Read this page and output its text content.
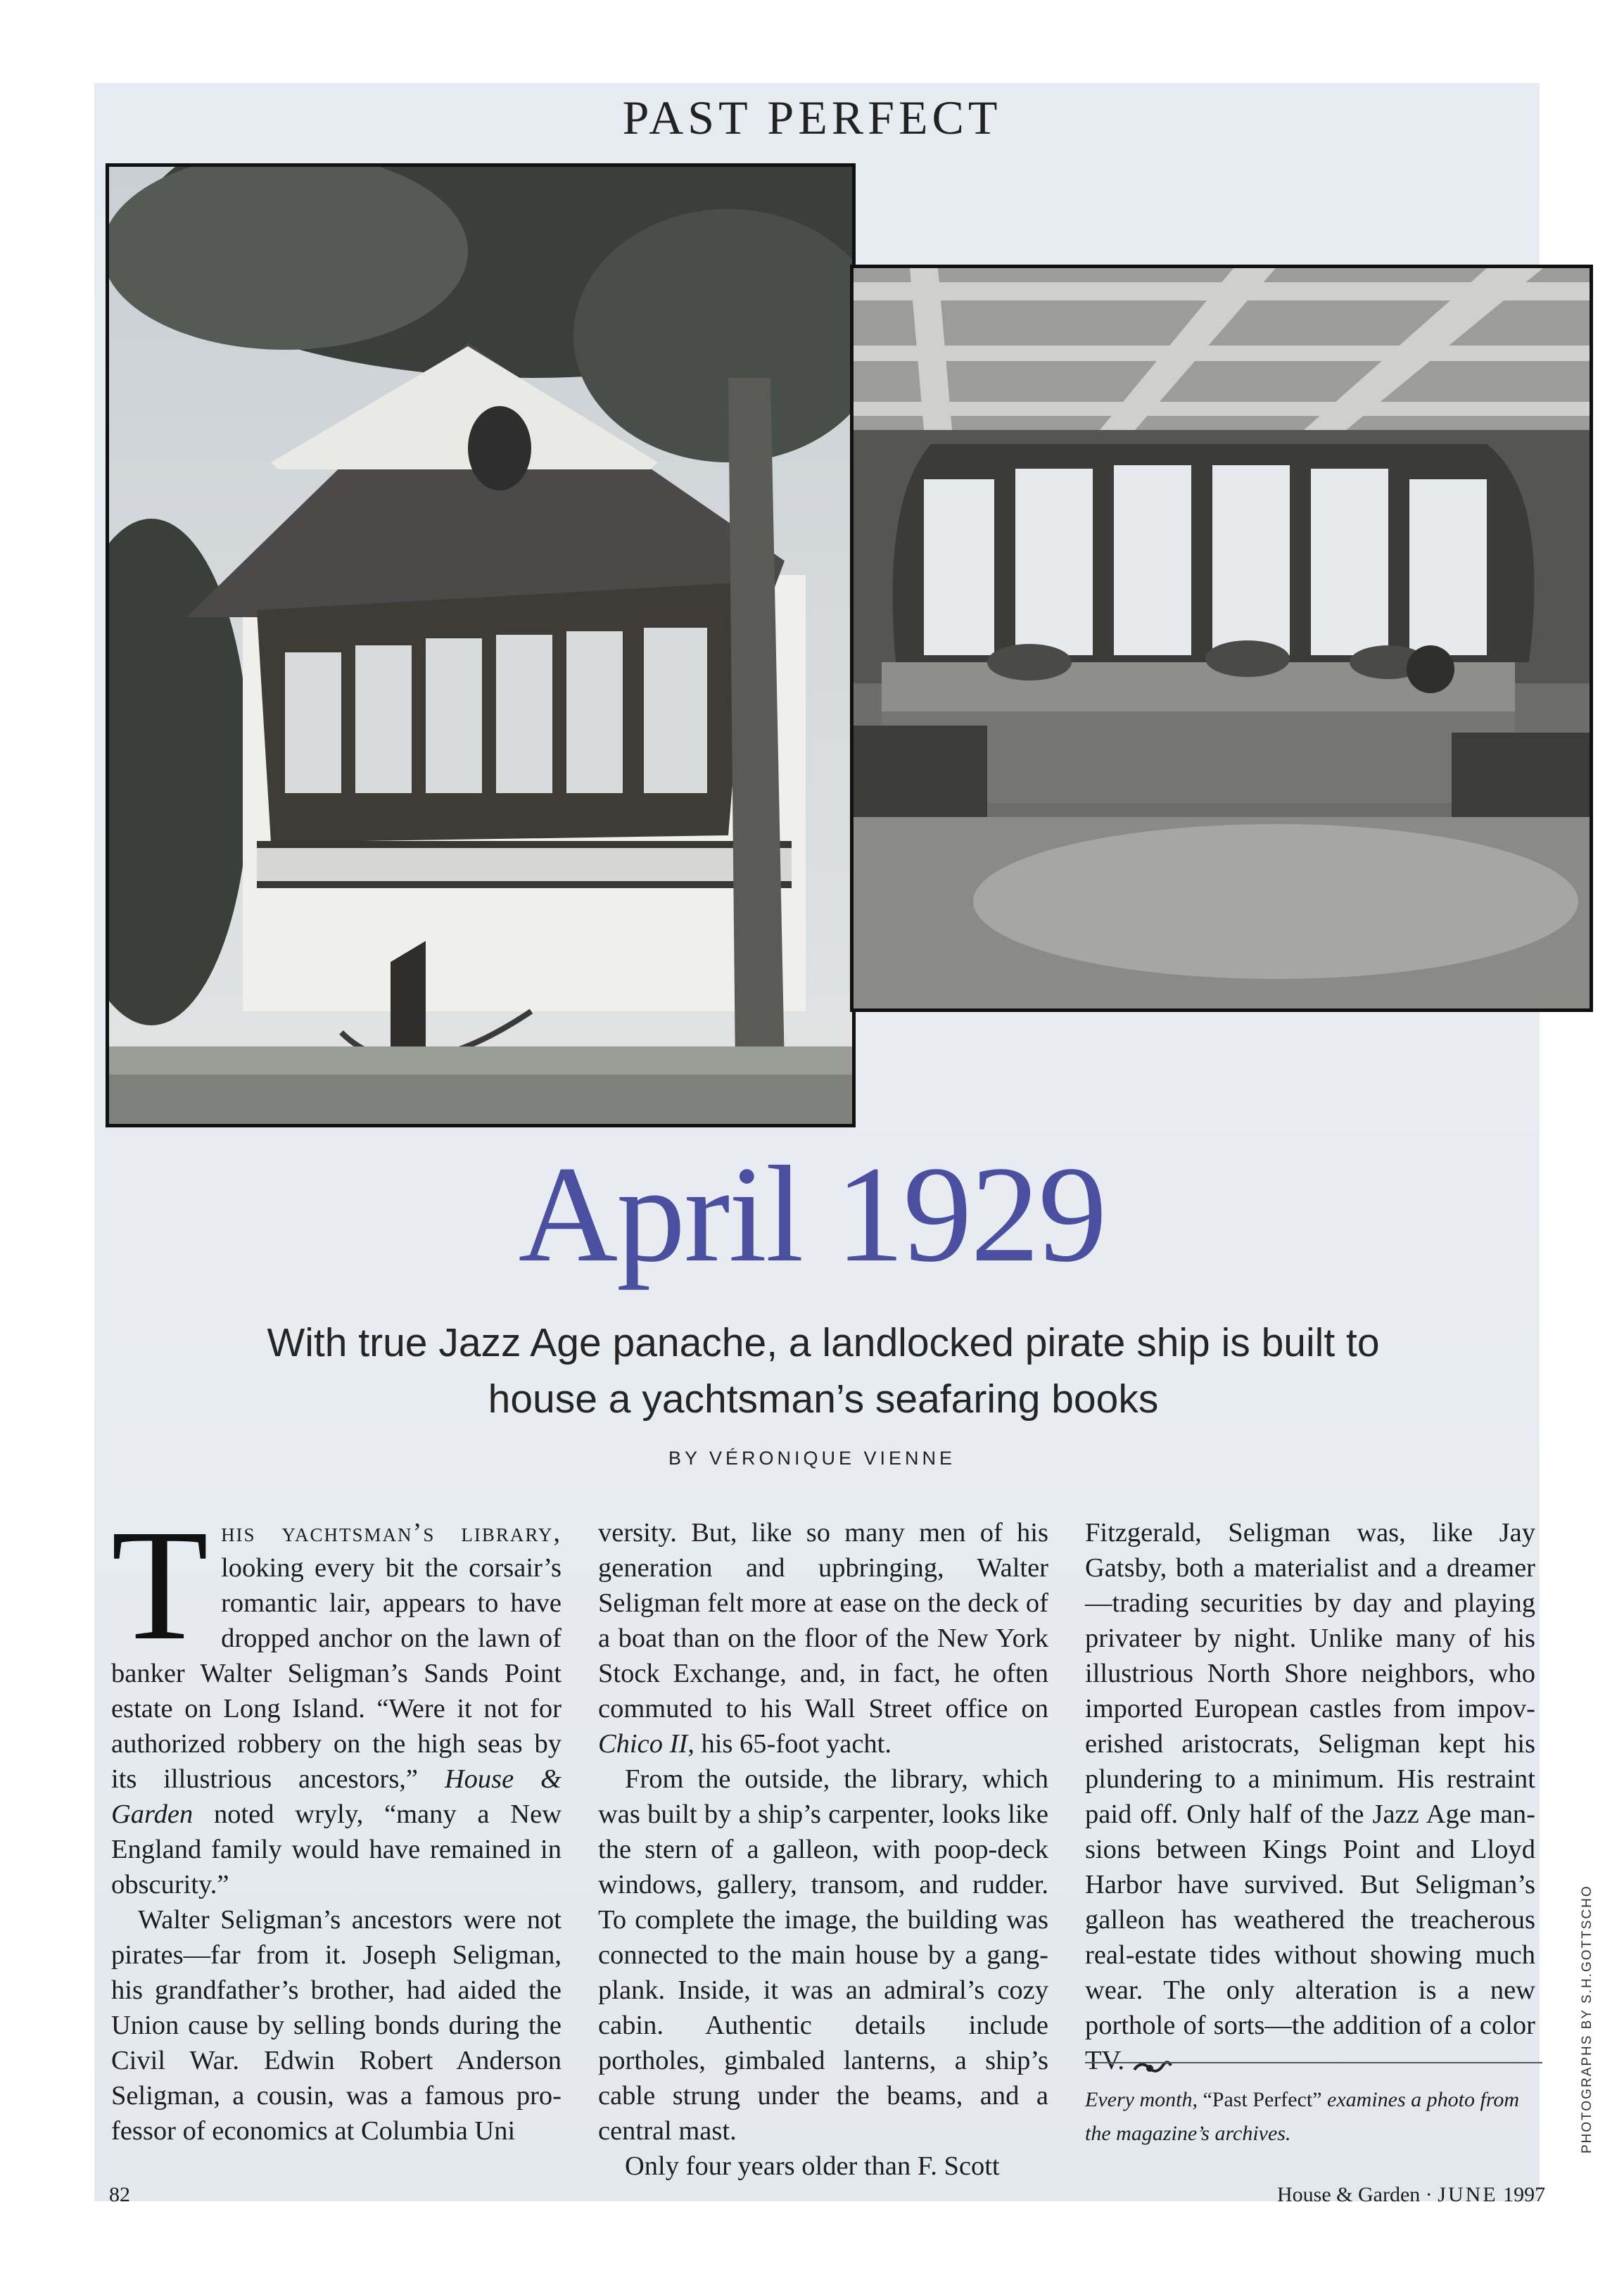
PAST PERFECT
April 1929
With true Jazz Age panache, a landlocked pirate ship is built to house a yachtsman’s seafaring books
BY VÉRONIQUE VIENNE

This yachtsman’s library, looking every bit the corsair’s romantic lair, appears to have dropped anchor on the lawn of banker Walter Seligman’s Sands Point estate on Long Island. “Were it not for authorized robbery on the high seas by its illustrious ancestors,” House & Garden noted wryly, “many a New England family would have remained in obscurity.”

Walter Seligman’s ancestors were not pirates—far from it. Joseph Seligman, his grandfather’s brother, had aided the Union cause by selling bonds during the Civil War. Edwin Robert Anderson Seligman, a cousin, was a famous professor of economics at Columbia Uni

versity. But, like so many men of his generation and upbringing, Walter Seligman felt more at ease on the deck of a boat than on the floor of the New York Stock Exchange, and, in fact, he often commuted to his Wall Street office on Chico II, his 65-foot yacht.

From the outside, the library, which was built by a ship’s carpenter, looks like the stern of a galleon, with poop-deck windows, gallery, transom, and rudder. To complete the image, the building was connected to the main house by a gangplank. Inside, it was an admiral’s cozy cabin. Authentic details include portholes, gimbaled lanterns, a ship’s cable strung under the beams, and a central mast.

Only four years older than F. Scott

Fitzgerald, Seligman was, like Jay Gatsby, both a materialist and a dreamer—trading securities by day and playing privateer by night. Unlike many of his illustrious North Shore neighbors, who imported European castles from impoverished aristocrats, Seligman kept his plundering to a minimum. His restraint paid off. Only half of the Jazz Age mansions between Kings Point and Lloyd Harbor have survived. But Seligman’s galleon has weathered the treacherous real-estate tides without showing much wear. The only alteration is a new porthole of sorts—the addition of a color TV.

Every month, “Past Perfect” examines a photo from the magazine’s archives.
82	House & Garden · JUNE 1997
PHOTOGRAPHS BY S.H.GOTTSCHO
